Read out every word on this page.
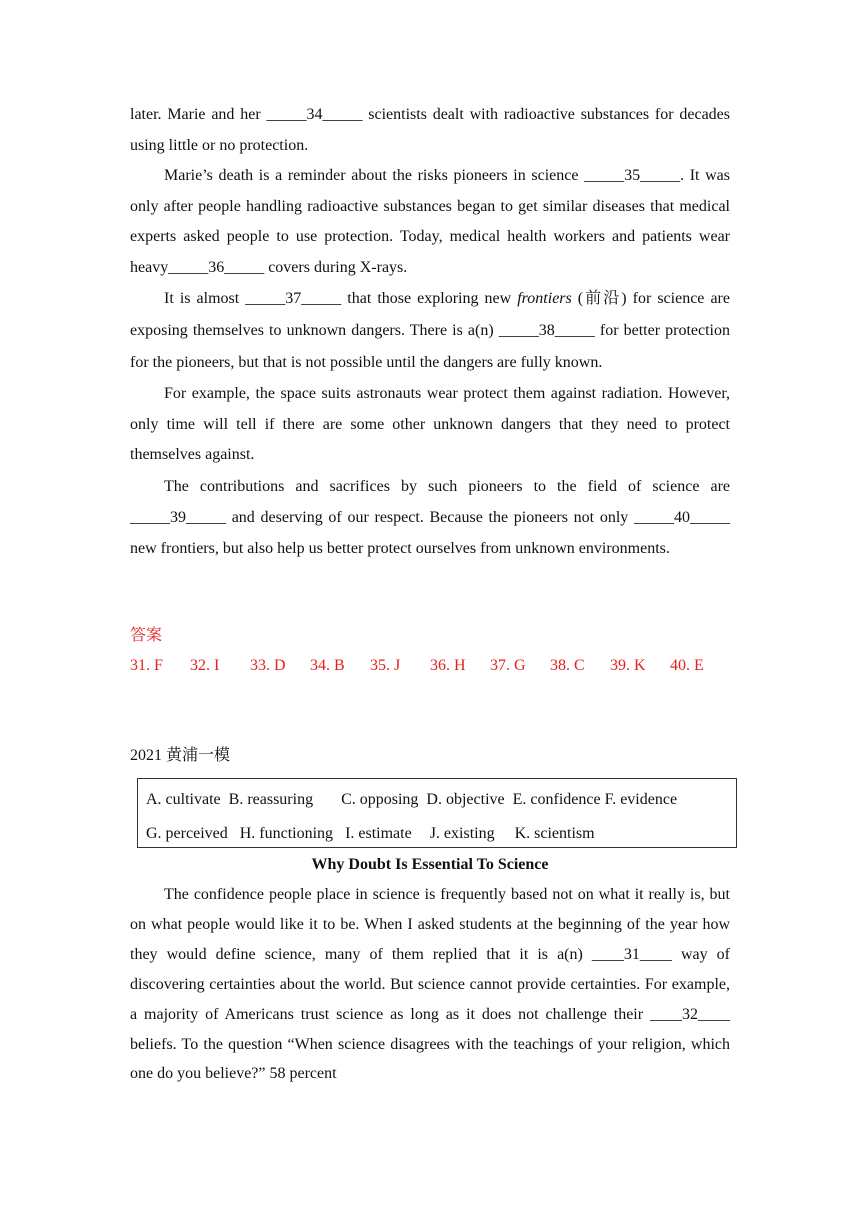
later. Marie and her _____34_____ scientists dealt with radioactive substances for decades using little or no protection.

Marie’s death is a reminder about the risks pioneers in science _____35_____. It was only after people handling radioactive substances began to get similar diseases that medical experts asked people to use protection. Today, medical health workers and patients wear heavy_____36_____ covers during X-rays.

It is almost _____37_____ that those exploring new frontiers (前沿) for science are exposing themselves to unknown dangers. There is a(n) _____38_____ for better protection for the pioneers, but that is not possible until the dangers are fully known.

For example, the space suits astronauts wear protect them against radiation. However, only time will tell if there are some other unknown dangers that they need to protect themselves against.

The contributions and sacrifices by such pioneers to the field of science are _____39_____ and deserving of our respect. Because the pioneers not only _____40_____ new frontiers, but also help us better protect ourselves from unknown environments.

答案

31. F	32. I	33. D	34. B	35. J	36. H	37. G	38. C	39. K	40. E

2021 黄浦一模

A. cultivate B. reassuring C. opposing D. objective E. confidence F. evidence
G. perceived H. functioning I. estimate J. existing K. scientism
Why Doubt Is Essential To Science

The confidence people place in science is frequently based not on what it really is, but on what people would like it to be. When I asked students at the beginning of the year how they would define science, many of them replied that it is a(n) ____31____ way of discovering certainties about the world. But science cannot provide certainties. For example, a majority of Americans trust science as long as it does not challenge their ____32____ beliefs. To the question “When science disagrees with the teachings of your religion, which one do you believe?” 58 percent
